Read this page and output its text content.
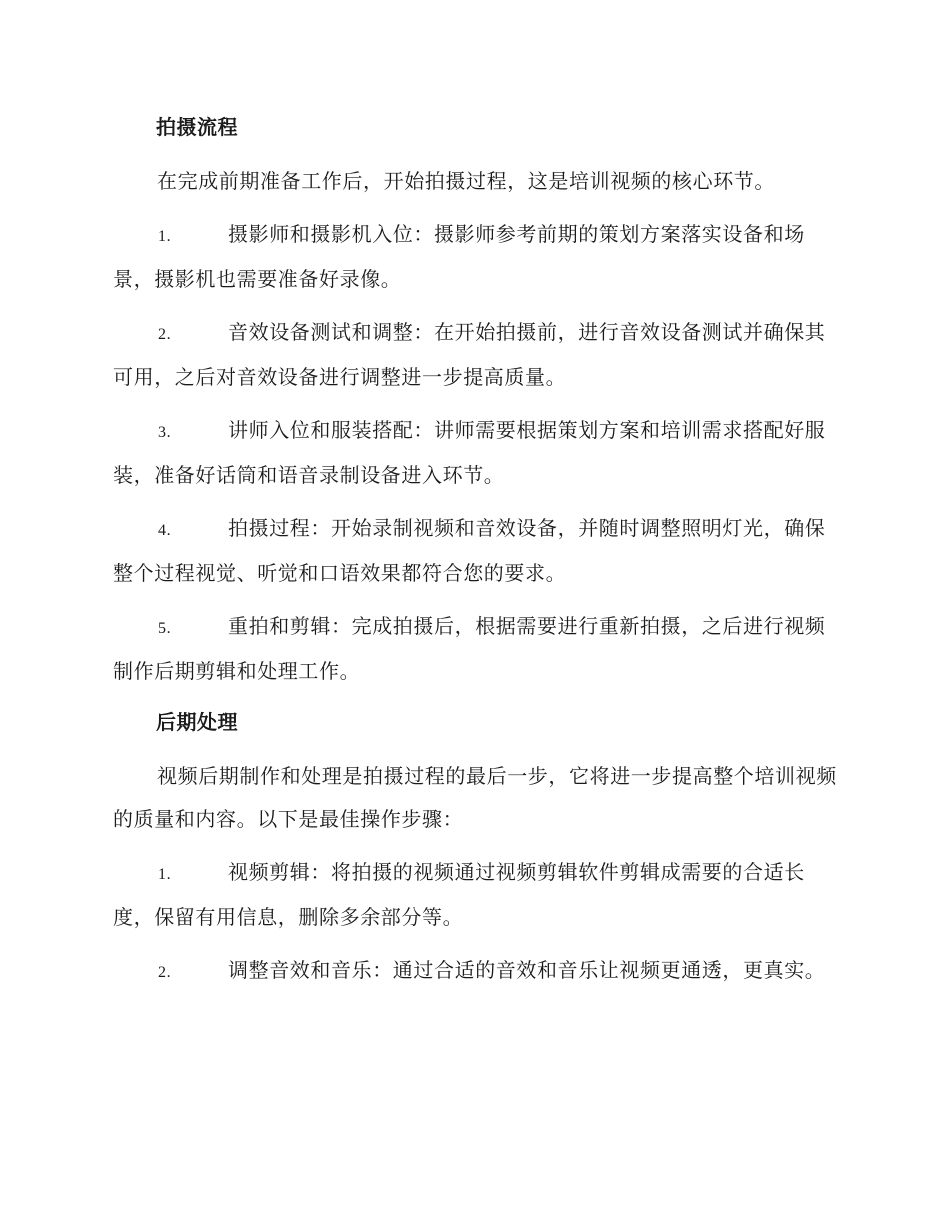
拍摄流程

在完成前期准备工作后，开始拍摄过程，这是培训视频的核心环节。

1.	摄影师和摄影机入位：摄影师参考前期的策划方案落实设备和场景，摄影机也需要准备好录像。

2.	音效设备测试和调整：在开始拍摄前，进行音效设备测试并确保其可用，之后对音效设备进行调整进一步提高质量。

3.	讲师入位和服装搭配：讲师需要根据策划方案和培训需求搭配好服装，准备好话筒和语音录制设备进入环节。

4.	拍摄过程：开始录制视频和音效设备，并随时调整照明灯光，确保整个过程视觉、听觉和口语效果都符合您的要求。

5.	重拍和剪辑：完成拍摄后，根据需要进行重新拍摄，之后进行视频制作后期剪辑和处理工作。

后期处理

视频后期制作和处理是拍摄过程的最后一步，它将进一步提高整个培训视频的质量和内容。以下是最佳操作步骤：

1.	视频剪辑：将拍摄的视频通过视频剪辑软件剪辑成需要的合适长度，保留有用信息，删除多余部分等。

2.	调整音效和音乐：通过合适的音效和音乐让视频更通透，更真实。
